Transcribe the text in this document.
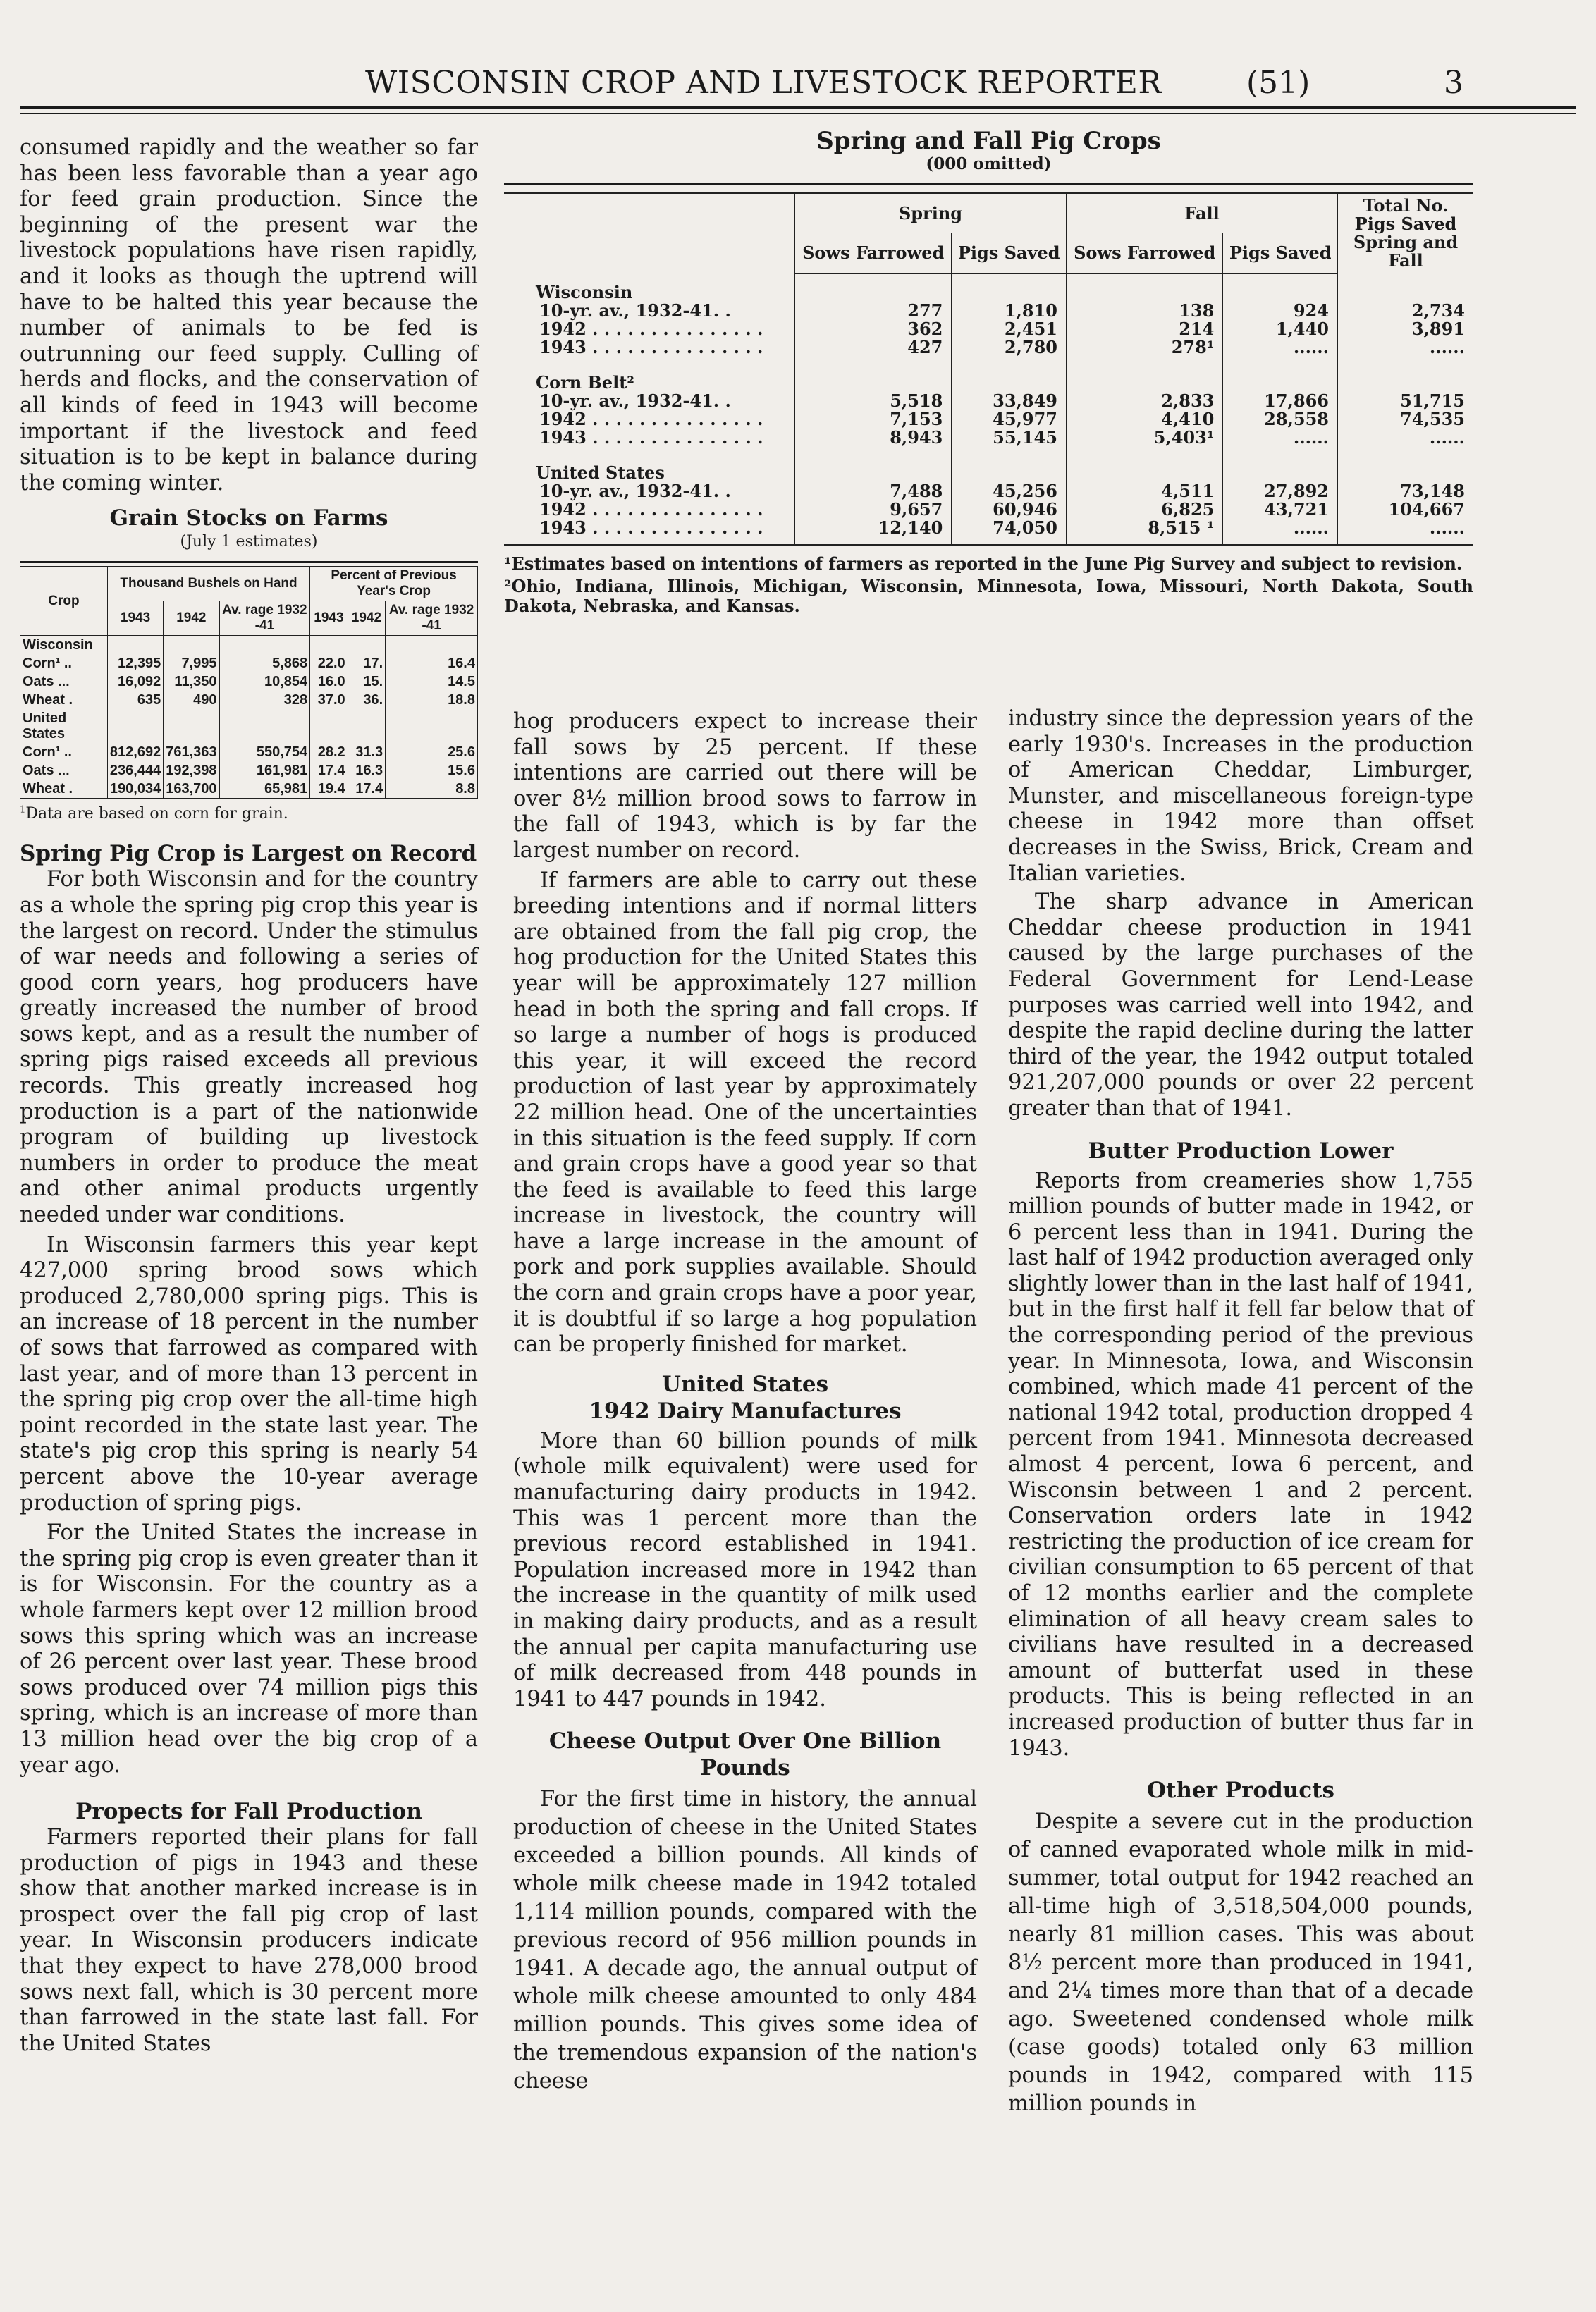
WISCONSIN CROP AND LIVESTOCK REPORTER	(51)	3

consumed rapidly and the weather so far has been less favorable than a year ago for feed grain production. Since the beginning of the present war the livestock populations have risen rapidly, and it looks as though the uptrend will have to be halted this year because the number of animals to be fed is outrunning our feed supply. Culling of herds and flocks, and the conservation of all kinds of feed in 1943 will become important if the livestock and feed situation is to be kept in balance during the coming winter.

Grain Stocks on Farms
(July 1 estimates)
Crop	Thousand Bushels on Hand			Percent of Previous Year's Crop		
	1943	1942	Av. rage 1932 -41	1943	1942	Av. rage 1932 -41
Wisconsin						
Corn¹ ..	12,395	7,995	5,868	22.0	17.	16.4
Oats ...	16,092	11,350	10,854	16.0	15.	14.5
Wheat .	635	490	328	37.0	36.	18.8
United States						
Corn¹ ..	812,692	761,363	550,754	28.2	31.3	25.6
Oats ...	236,444	192,398	161,981	17.4	16.3	15.6
Wheat .	190,034	163,700	65,981	19.4	17.4	8.8

$^1$Data are based on corn for grain.

Spring Pig Crop is Largest on Record

For both Wisconsin and for the country as a whole the spring pig crop this year is the largest on record. Under the stimulus of war needs and following a series of good corn years, hog producers have greatly increased the number of brood sows kept, and as a result the number of spring pigs raised exceeds all previous records. This greatly increased hog production is a part of the nationwide program of building up livestock numbers in order to produce the meat and other animal products urgently needed under war conditions.

In Wisconsin farmers this year kept 427,000 spring brood sows which produced 2,780,000 spring pigs. This is an increase of 18 percent in the number of sows that farrowed as compared with last year, and of more than 13 percent in the spring pig crop over the all-time high point recorded in the state last year. The state's pig crop this spring is nearly 54 percent above the 10-year average production of spring pigs.

For the United States the increase in the spring pig crop is even greater than it is for Wisconsin. For the country as a whole farmers kept over 12 million brood sows this spring which was an increase of 26 percent over last year. These brood sows produced over 74 million pigs this spring, which is an increase of more than 13 million head over the big crop of a year ago.

Propects for Fall Production

Farmers reported their plans for fall production of pigs in 1943 and these show that another marked increase is in prospect over the fall pig crop of last year. In Wisconsin producers indicate that they expect to have 278,000 brood sows next fall, which is 30 percent more than farrowed in the state last fall. For the United States

Spring and Fall Pig Crops
(000 omitted)
	Spring		Fall		Total No. Pigs Saved Spring and Fall
	Sows Farrowed	Pigs Saved	Sows Farrowed	Pigs Saved	
Wisconsin					
10-yr. av., 1932-41. .	277	1,810	138	924	2,734
1942 . . . . . . . . . . . . . . .	362	2,451	214	1,440	3,891
1943 . . . . . . . . . . . . . . .	427	2,780	278¹	......	......
Corn Belt²					
10-yr. av., 1932-41. .	5,518	33,849	2,833	17,866	51,715
1942 . . . . . . . . . . . . . . .	7,153	45,977	4,410	28,558	74,535
1943 . . . . . . . . . . . . . . .	8,943	55,145	5,403¹	......	......
United States					
10-yr. av., 1932-41. .	7,488	45,256	4,511	27,892	73,148
1942 . . . . . . . . . . . . . . .	9,657	60,946	6,825	43,721	104,667
1943 . . . . . . . . . . . . . . .	12,140	74,050	8,515 ¹	......	......
¹Estimates based on intentions of farmers as reported in the June Pig Survey and subject to revision.
²Ohio, Indiana, Illinois, Michigan, Wisconsin, Minnesota, Iowa, Missouri, North Dakota, South Dakota, Nebraska, and Kansas.

hog producers expect to increase their fall sows by 25 percent. If these intentions are carried out there will be over 8½ million brood sows to farrow in the fall of 1943, which is by far the largest number on record.

If farmers are able to carry out these breeding intentions and if normal litters are obtained from the fall pig crop, the hog production for the United States this year will be approximately 127 million head in both the spring and fall crops. If so large a number of hogs is produced this year, it will exceed the record production of last year by approximately 22 million head. One of the uncertainties in this situation is the feed supply. If corn and grain crops have a good year so that the feed is available to feed this large increase in livestock, the country will have a large increase in the amount of pork and pork supplies available. Should the corn and grain crops have a poor year, it is doubtful if so large a hog population can be properly finished for market.

United States
1942 Dairy Manufactures

More than 60 billion pounds of milk (whole milk equivalent) were used for manufacturing dairy products in 1942. This was 1 percent more than the previous record established in 1941. Population increased more in 1942 than the increase in the quantity of milk used in making dairy products, and as a result the annual per capita manufacturing use of milk decreased from 448 pounds in 1941 to 447 pounds in 1942.

Cheese Output Over One Billion Pounds

For the first time in history, the annual production of cheese in the United States exceeded a billion pounds. All kinds of whole milk cheese made in 1942 totaled 1,114 million pounds, compared with the previous record of 956 million pounds in 1941. A decade ago, the annual output of whole milk cheese amounted to only 484 million pounds. This gives some idea of the tremendous expansion of the nation's cheese

industry since the depression years of the early 1930's. Increases in the production of American Cheddar, Limburger, Munster, and miscellaneous foreign-type cheese in 1942 more than offset decreases in the Swiss, Brick, Cream and Italian varieties.

The sharp advance in American Cheddar cheese production in 1941 caused by the large purchases of the Federal Government for Lend-Lease purposes was carried well into 1942, and despite the rapid decline during the latter third of the year, the 1942 output totaled 921,207,000 pounds or over 22 percent greater than that of 1941.

Butter Production Lower

Reports from creameries show 1,755 million pounds of butter made in 1942, or 6 percent less than in 1941. During the last half of 1942 production averaged only slightly lower than in the last half of 1941, but in the first half it fell far below that of the corresponding period of the previous year. In Minnesota, Iowa, and Wisconsin combined, which made 41 percent of the national 1942 total, production dropped 4 percent from 1941. Minnesota decreased almost 4 percent, Iowa 6 percent, and Wisconsin between 1 and 2 percent. Conservation orders late in 1942 restricting the production of ice cream for civilian consumption to 65 percent of that of 12 months earlier and the complete elimination of all heavy cream sales to civilians have resulted in a decreased amount of butterfat used in these products. This is being reflected in an increased production of butter thus far in 1943.

Other Products

Despite a severe cut in the production of canned evaporated whole milk in mid-summer, total output for 1942 reached an all-time high of 3,518,504,000 pounds, nearly 81 million cases. This was about 8½ percent more than produced in 1941, and 2¼ times more than that of a decade ago. Sweetened condensed whole milk (case goods) totaled only 63 million pounds in 1942, compared with 115 million pounds in
